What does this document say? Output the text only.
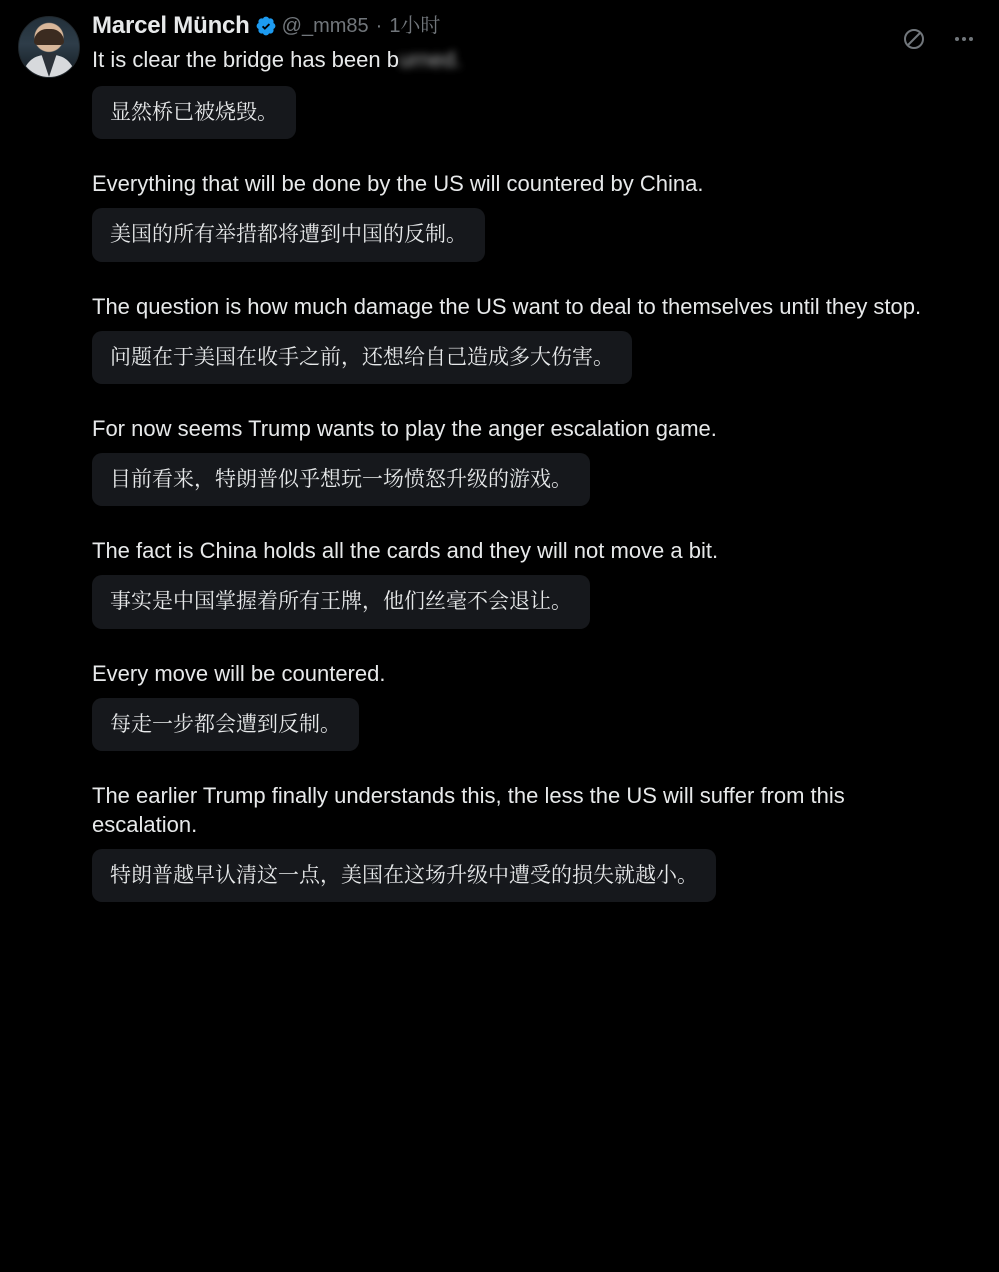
Marcel Münch @_mm85 · 1小时
It is clear the bridge has been burned.
显然桥已被烧毁。

Everything that will be done by the US will countered by China.

美国的所有举措都将遭到中国的反制。

The question is how much damage the US want to deal to themselves until they stop.

问题在于美国在收手之前，还想给自己造成多大伤害。

For now seems Trump wants to play the anger escalation game.

目前看来，特朗普似乎想玩一场愤怒升级的游戏。

The fact is China holds all the cards and they will not move a bit.

事实是中国掌握着所有王牌，他们丝毫不会退让。

Every move will be countered.

每走一步都会遭到反制。

The earlier Trump finally understands this, the less the US will suffer from this escalation.

特朗普越早认清这一点，美国在这场升级中遭受的损失就越小。
